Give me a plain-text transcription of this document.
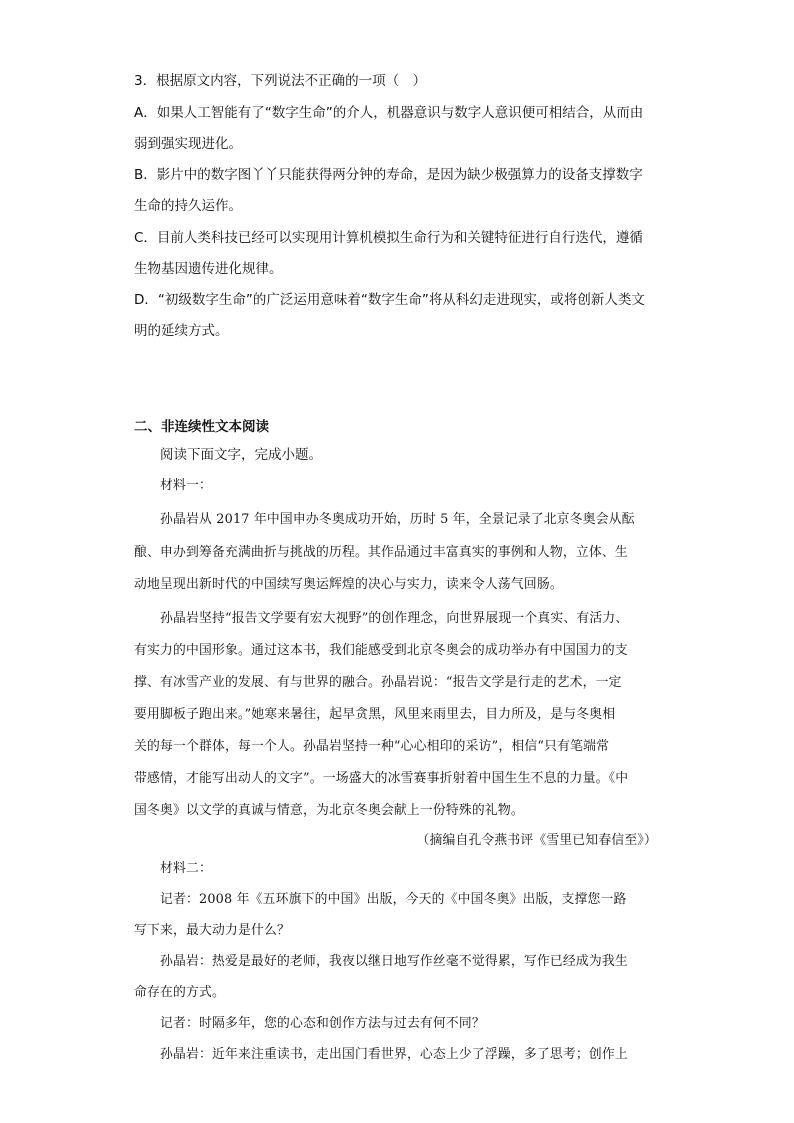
3．根据原文内容，下列说法不正确的一项（　）
A．如果人工智能有了“数字生命”的介人，机器意识与数字人意识便可相结合，从而由
弱到强实现进化。
B．影片中的数字图丫丫只能获得两分钟的寿命，是因为缺少极强算力的设备支撑数字
生命的持久运作。
C．目前人类科技已经可以实现用计算机模拟生命行为和关键特征进行自行迭代，遵循
生物基因遗传进化规律。
D．“初级数字生命”的广泛运用意味着“数字生命”将从科幻走进现实，或将创新人类文
明的延续方式。
二、非连续性文本阅读
阅读下面文字，完成小题。
材料一：
孙晶岩从 2017 年中国申办冬奥成功开始，历时 5 年，全景记录了北京冬奥会从酝
酿、申办到筹备充满曲折与挑战的历程。其作品通过丰富真实的事例和人物，立体、生
动地呈现出新时代的中国续写奥运辉煌的决心与实力，读来令人荡气回肠。
孙晶岩坚持“报告文学要有宏大视野”的创作理念，向世界展现一个真实、有活力、
有实力的中国形象。通过这本书，我们能感受到北京冬奥会的成功举办有中国国力的支
撑、有冰雪产业的发展、有与世界的融合。孙晶岩说：“报告文学是行走的艺术，一定
要用脚板子跑出来。”她寒来暑往，起早贪黑，风里来雨里去，目力所及，是与冬奥相
关的每一个群体，每一个人。孙晶岩坚持一种“心心相印的采访”，相信“只有笔端常
带感情，才能写出动人的文字”。一场盛大的冰雪赛事折射着中国生生不息的力量。《中
国冬奥》以文学的真诚与情意，为北京冬奥会献上一份特殊的礼物。
（摘编自孔令燕书评《雪里已知春信至》）
材料二：
记者：2008 年《五环旗下的中国》出版，今天的《中国冬奥》出版，支撑您一路
写下来，最大动力是什么？
孙晶岩：热爱是最好的老师，我夜以继日地写作丝毫不觉得累，写作已经成为我生
命存在的方式。
记者：时隔多年，您的心态和创作方法与过去有何不同？
孙晶岩：近年来注重读书，走出国门看世界，心态上少了浮躁，多了思考；创作上
